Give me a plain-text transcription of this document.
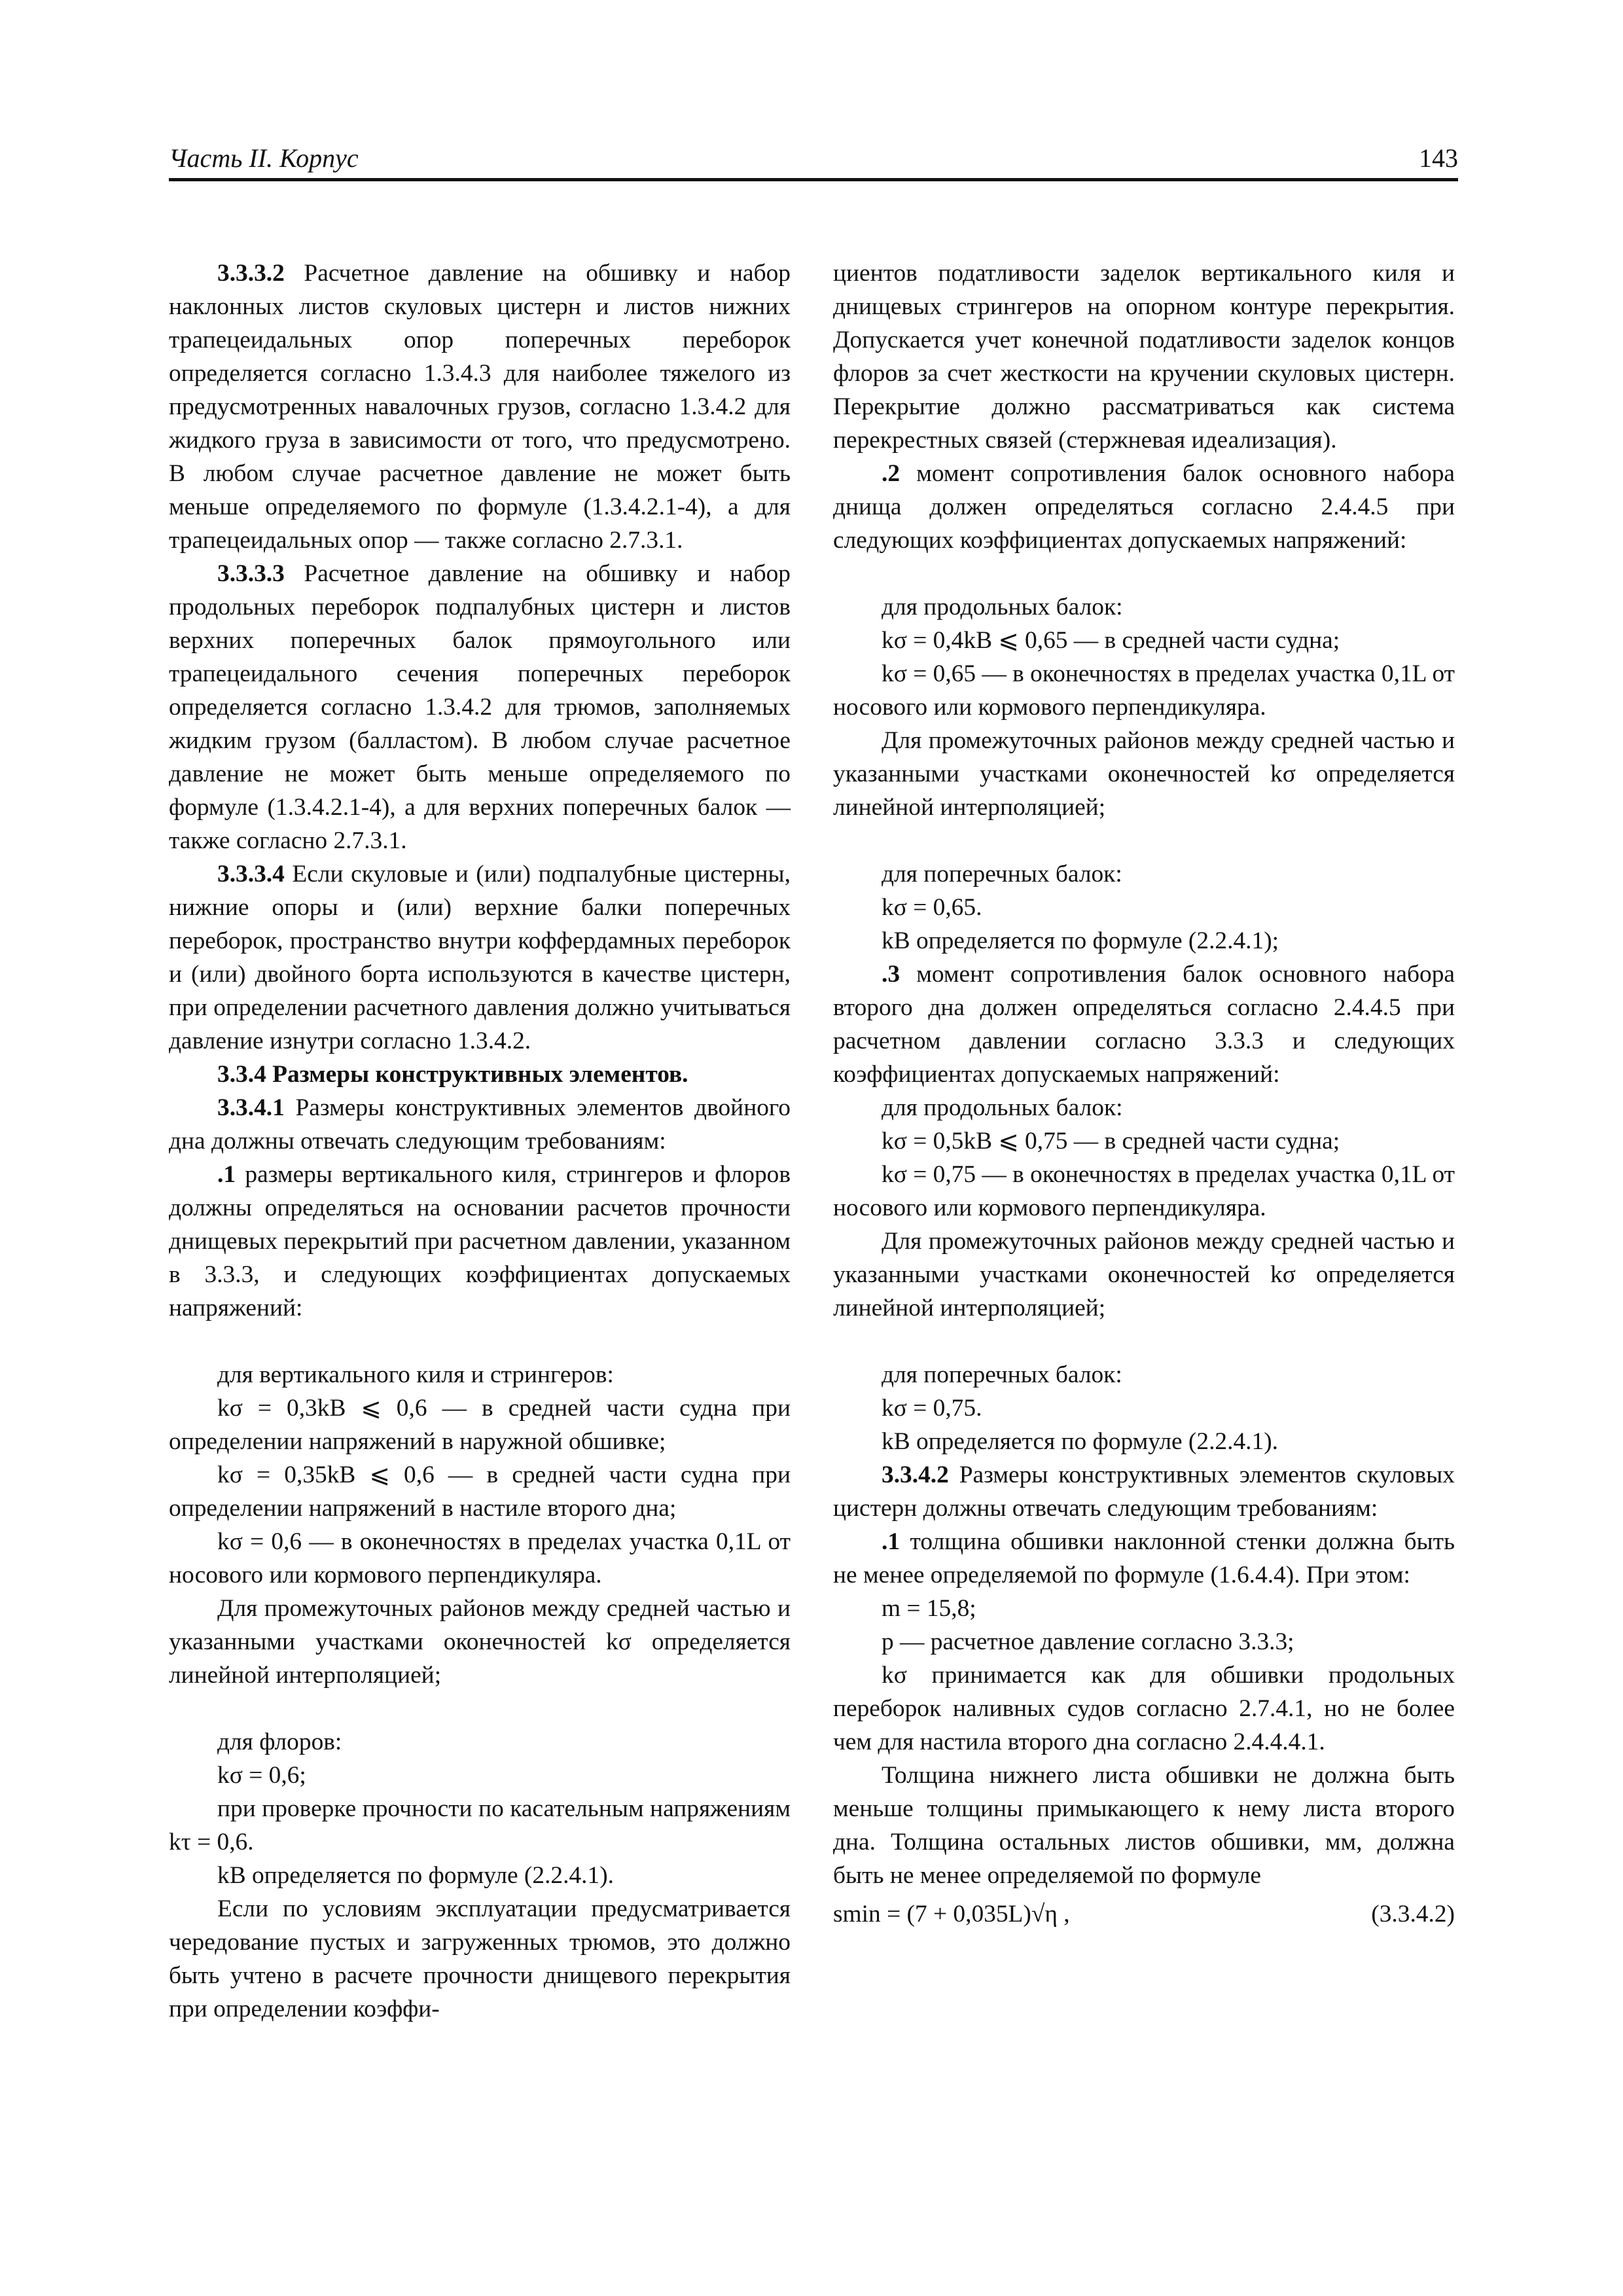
Часть II. Корпус	143

3.3.3.2 Расчетное давление на обшивку и набор наклонных листов скуловых цистерн и листов нижних трапецеидальных опор поперечных переборок определяется согласно 1.3.4.3 для наиболее тяжелого из предусмотренных навалочных грузов, согласно 1.3.4.2 для жидкого груза в зависимости от того, что предусмотрено. В любом случае расчетное давление не может быть меньше определяемого по формуле (1.3.4.2.1-4), а для трапецеидальных опор — также согласно 2.7.3.1.

3.3.3.3 Расчетное давление на обшивку и набор продольных переборок подпалубных цистерн и листов верхних поперечных балок прямоугольного или трапецеидального сечения поперечных переборок определяется согласно 1.3.4.2 для трюмов, заполняемых жидким грузом (балластом). В любом случае расчетное давление не может быть меньше определяемого по формуле (1.3.4.2.1-4), а для верхних поперечных балок — также согласно 2.7.3.1.

3.3.3.4 Если скуловые и (или) подпалубные цистерны, нижние опоры и (или) верхние балки поперечных переборок, пространство внутри коффердамных переборок и (или) двойного борта используются в качестве цистерн, при определении расчетного давления должно учитываться давление изнутри согласно 1.3.4.2.

3.3.4 Размеры конструктивных элементов.

3.3.4.1 Размеры конструктивных элементов двойного дна должны отвечать следующим требованиям:

.1 размеры вертикального киля, стрингеров и флоров должны определяться на основании расчетов прочности днищевых перекрытий при расчетном давлении, указанном в 3.3.3, и следующих коэффициентах допускаемых напряжений:

для вертикального киля и стрингеров:

kσ = 0,3kB ⩽ 0,6 — в средней части судна при определении напряжений в наружной обшивке;

kσ = 0,35kB ⩽ 0,6 — в средней части судна при определении напряжений в настиле второго дна;

kσ = 0,6 — в оконечностях в пределах участка 0,1L от носового или кормового перпендикуляра.

Для промежуточных районов между средней частью и указанными участками оконечностей kσ определяется линейной интерполяцией;

для флоров:

kσ = 0,6;

при проверке прочности по касательным напряжениям kτ = 0,6.

kB определяется по формуле (2.2.4.1).

Если по условиям эксплуатации предусматривается чередование пустых и загруженных трюмов, это должно быть учтено в расчете прочности днищевого перекрытия при определении коэффи-

циентов податливости заделок вертикального киля и днищевых стрингеров на опорном контуре перекрытия. Допускается учет конечной податливости заделок концов флоров за счет жесткости на кручении скуловых цистерн. Перекрытие должно рассматриваться как система перекрестных связей (стержневая идеализация).

.2 момент сопротивления балок основного набора днища должен определяться согласно 2.4.4.5 при следующих коэффициентах допускаемых напряжений:

для продольных балок:

kσ = 0,4kB ⩽ 0,65 — в средней части судна;

kσ = 0,65 — в оконечностях в пределах участка 0,1L от носового или кормового перпендикуляра.

Для промежуточных районов между средней частью и указанными участками оконечностей kσ определяется линейной интерполяцией;

для поперечных балок:

kσ = 0,65.

kB определяется по формуле (2.2.4.1);

.3 момент сопротивления балок основного набора второго дна должен определяться согласно 2.4.4.5 при расчетном давлении согласно 3.3.3 и следующих коэффициентах допускаемых напряжений:

для продольных балок:

kσ = 0,5kB ⩽ 0,75 — в средней части судна;

kσ = 0,75 — в оконечностях в пределах участка 0,1L от носового или кормового перпендикуляра.

Для промежуточных районов между средней частью и указанными участками оконечностей kσ определяется линейной интерполяцией;

для поперечных балок:

kσ = 0,75.

kB определяется по формуле (2.2.4.1).

3.3.4.2 Размеры конструктивных элементов скуловых цистерн должны отвечать следующим требованиям:

.1 толщина обшивки наклонной стенки должна быть не менее определяемой по формуле (1.6.4.4). При этом:

m = 15,8;

p — расчетное давление согласно 3.3.3;

kσ принимается как для обшивки продольных переборок наливных судов согласно 2.7.4.1, но не более чем для настила второго дна согласно 2.4.4.4.1.

Толщина нижнего листа обшивки не должна быть меньше толщины примыкающего к нему листа второго дна. Толщина остальных листов обшивки, мм, должна быть не менее определяемой по формуле

smin = (7 + 0,035L)√η ,	(3.3.4.2)
